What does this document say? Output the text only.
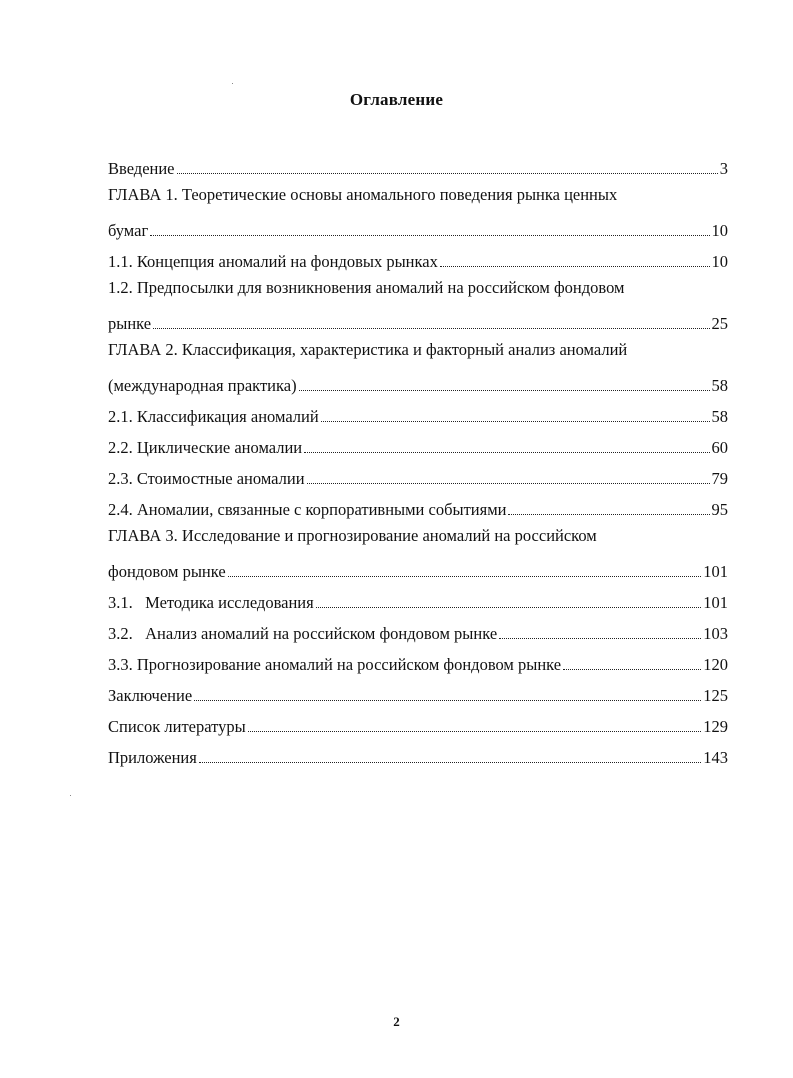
Оглавление
Введение	3
ГЛАВА 1. Теоретические основы аномального поведения рынка ценных
бумаг	10
1.1. Концепция аномалий на фондовых рынках	10
1.2. Предпосылки для возникновения аномалий на российском фондовом
рынке	25
ГЛАВА 2. Классификация, характеристика и факторный анализ аномалий
(международная практика)	58
2.1. Классификация аномалий	58
2.2. Циклические аномалии	60
2.3. Стоимостные аномалии	79
2.4. Аномалии, связанные с корпоративными событиями	95
ГЛАВА 3. Исследование и прогнозирование аномалий на российском
фондовом рынке	101
3.1.   Методика исследования	101
3.2.   Анализ аномалий на российском фондовом рынке	103
3.3. Прогнозирование аномалий на российском фондовом рынке	120
Заключение	125
Список литературы	129
Приложения	143
2
